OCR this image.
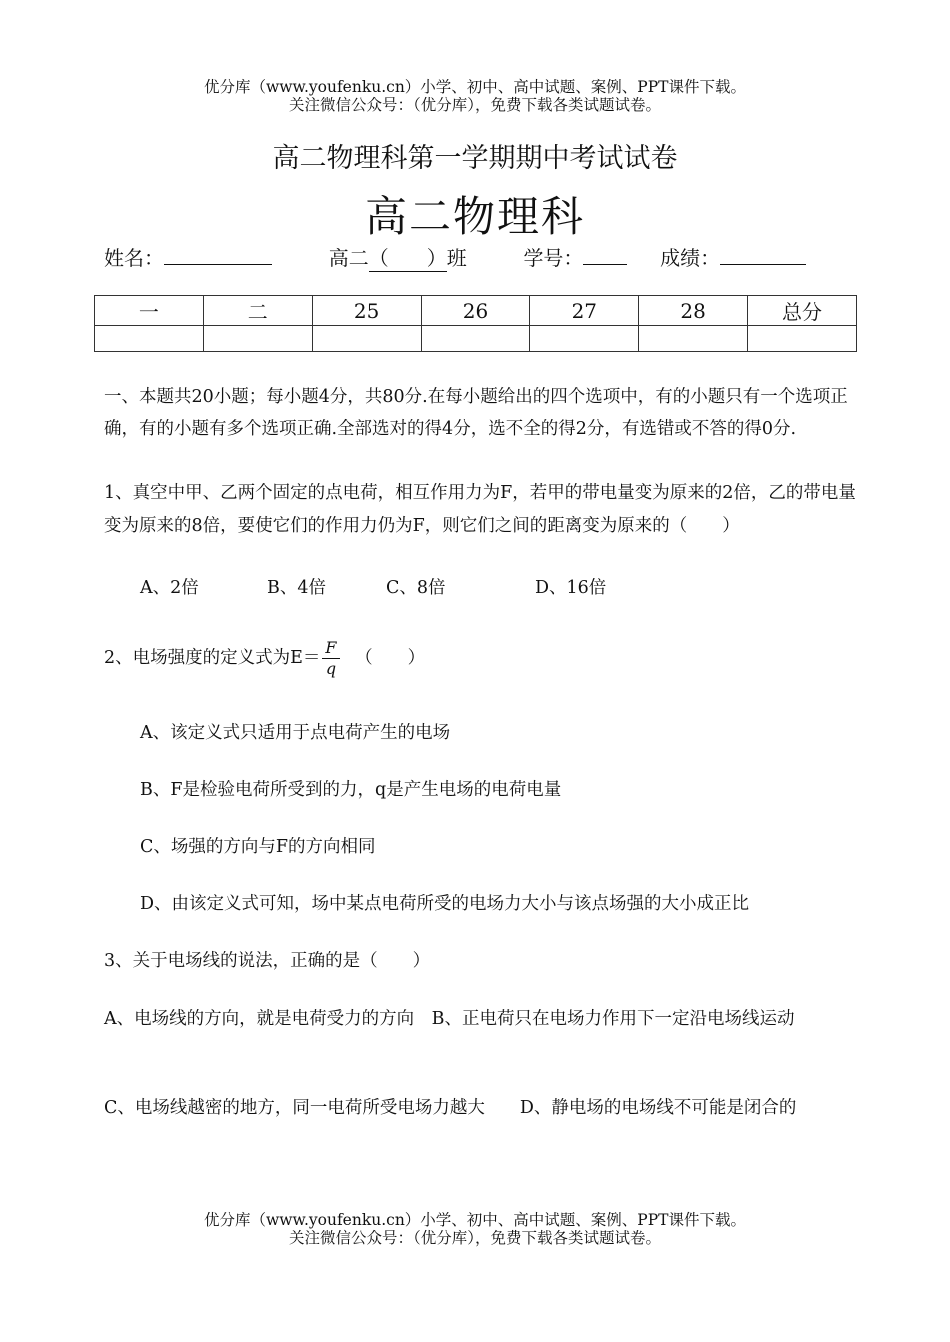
优分库（www.youfenku.cn）小学、初中、高中试题、案例、PPT课件下载。
关注微信公众号：（优分库），免费下载各类试题试卷。
高二物理科第一学期期中考试试卷
高二物理科
姓名：	高二（ ）班	学号：	成绩：
一	二	25	26	27	28	总分

一、本题共20小题；每小题4分，共80分.在每小题给出的四个选项中，有的小题只有一个选项正确，有的小题有多个选项正确.全部选对的得4分，选不全的得2分，有选错或不答的得0分.
1、真空中甲、乙两个固定的点电荷，相互作用力为F，若甲的带电量变为原来的2倍，乙的带电量变为原来的8倍，要使它们的作用力仍为F，则它们之间的距离变为原来的（　　）
A、2倍	B、4倍	C、8倍	D、16倍
2、电场强度的定义式为$E= \frac{F}{q}$ （　　）
A、该定义式只适用于点电荷产生的电场
B、F是检验电荷所受到的力，q是产生电场的电荷电量
C、场强的方向与F的方向相同
D、由该定义式可知，场中某点电荷所受的电场力大小与该点场强的大小成正比
3、关于电场线的说法，正确的是（　　）
A、电场线的方向，就是电荷受力的方向　B、正电荷只在电场力作用下一定沿电场线运动
C、电场线越密的地方，同一电荷所受电场力越大　　D、静电场的电场线不可能是闭合的
优分库（www.youfenku.cn）小学、初中、高中试题、案例、PPT课件下载。
关注微信公众号：（优分库），免费下载各类试题试卷。
